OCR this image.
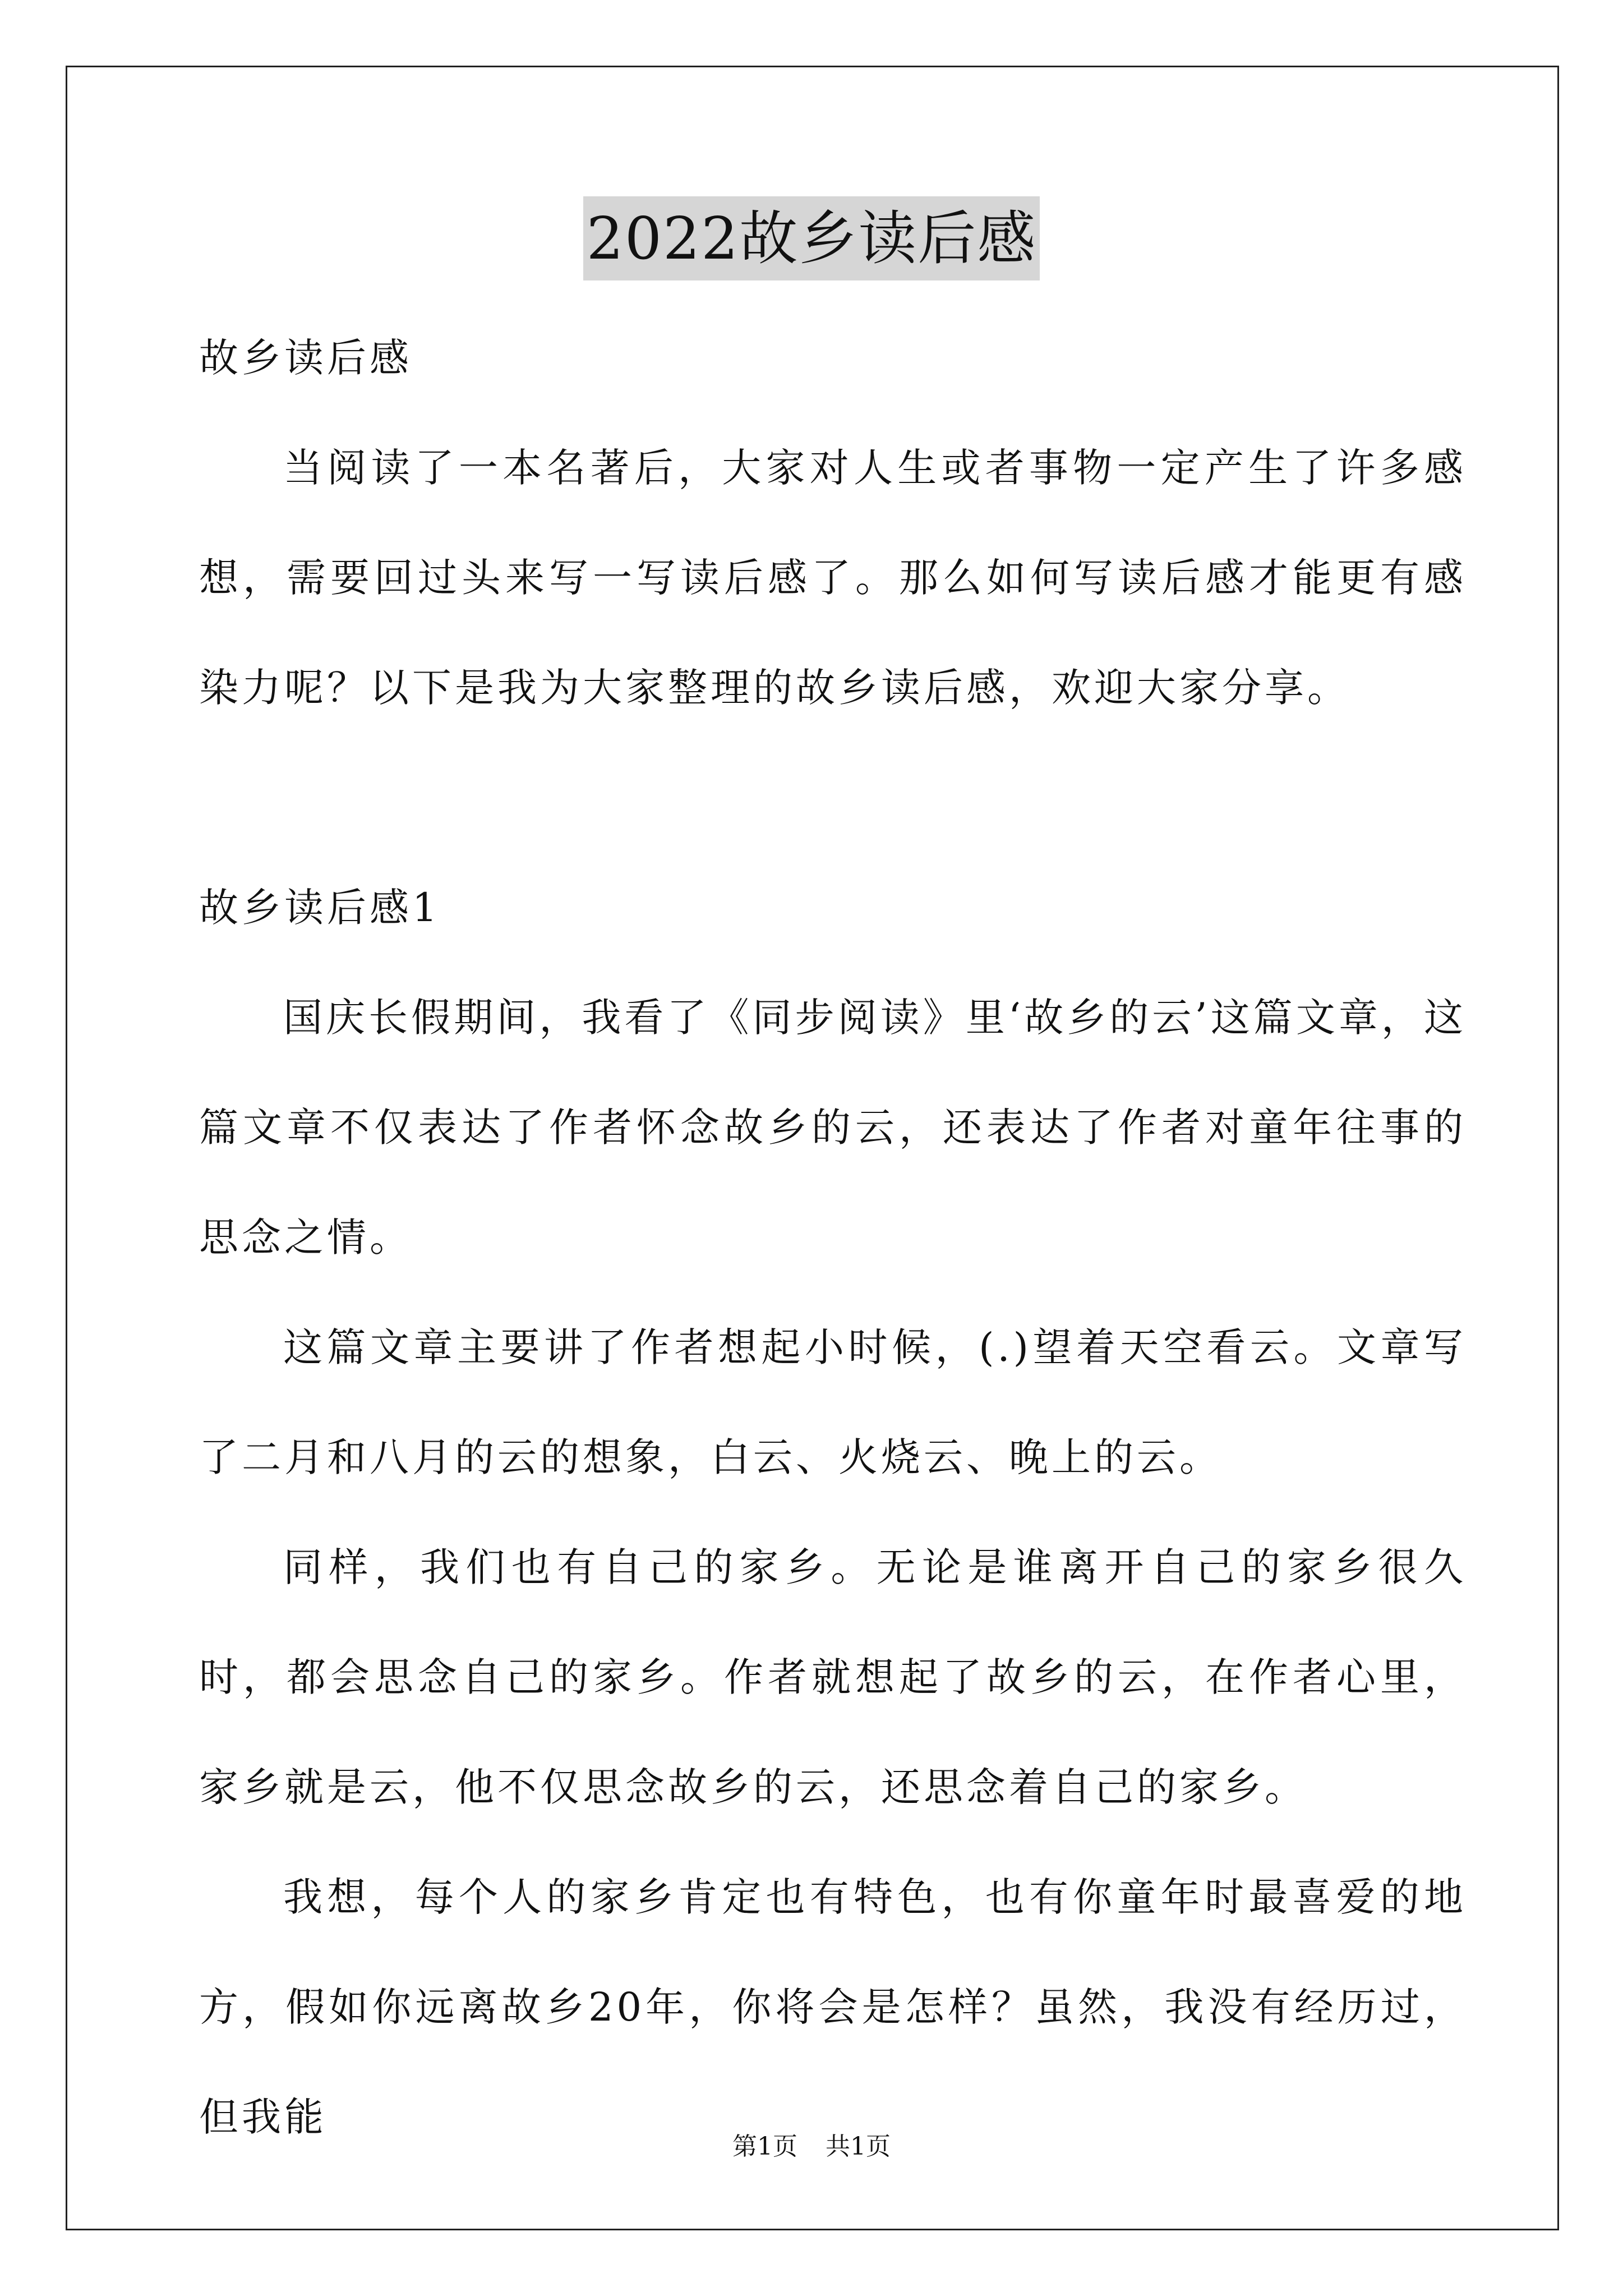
2022故乡读后感

故乡读后感

当阅读了一本名著后，大家对人生或者事物一定产生了许多感想，需要回过头来写一写读后感了。那么如何写读后感才能更有感染力呢？以下是我为大家整理的故乡读后感，欢迎大家分享。

故乡读后感1

国庆长假期间，我看了《同步阅读》里‘故乡的云’这篇文章，这篇文章不仅表达了作者怀念故乡的云，还表达了作者对童年往事的思念之情。

这篇文章主要讲了作者想起小时候，(.)望着天空看云。文章写了二月和八月的云的想象，白云、火烧云、晚上的云。

同样，我们也有自己的家乡。无论是谁离开自己的家乡很久时，都会思念自己的家乡。作者就想起了故乡的云，在作者心里，家乡就是云，他不仅思念故乡的云，还思念着自己的家乡。

我想，每个人的家乡肯定也有特色，也有你童年时最喜爱的地方，假如你远离故乡20年，你将会是怎样？虽然，我没有经历过，但我能

第1页 共1页
